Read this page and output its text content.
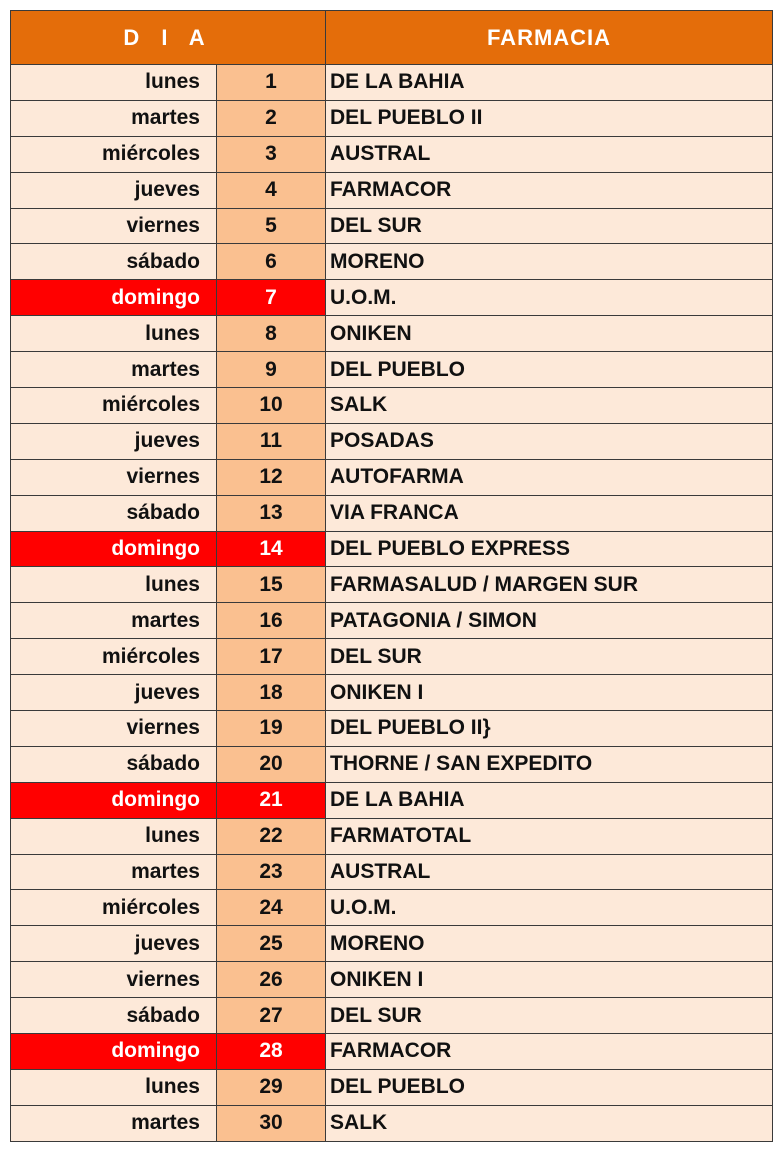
D I A		FARMACIA
lunes	1	DE LA BAHIA
martes	2	DEL PUEBLO II
miércoles	3	AUSTRAL
jueves	4	FARMACOR
viernes	5	DEL SUR
sábado	6	MORENO
domingo	7	U.O.M.
lunes	8	ONIKEN
martes	9	DEL PUEBLO
miércoles	10	SALK
jueves	11	POSADAS
viernes	12	AUTOFARMA
sábado	13	VIA FRANCA
domingo	14	DEL PUEBLO EXPRESS
lunes	15	FARMASALUD / MARGEN SUR
martes	16	PATAGONIA / SIMON
miércoles	17	DEL SUR
jueves	18	ONIKEN I
viernes	19	DEL PUEBLO II}
sábado	20	THORNE / SAN EXPEDITO
domingo	21	DE LA BAHIA
lunes	22	FARMATOTAL
martes	23	AUSTRAL
miércoles	24	U.O.M.
jueves	25	MORENO
viernes	26	ONIKEN I
sábado	27	DEL SUR
domingo	28	FARMACOR
lunes	29	DEL PUEBLO
martes	30	SALK
